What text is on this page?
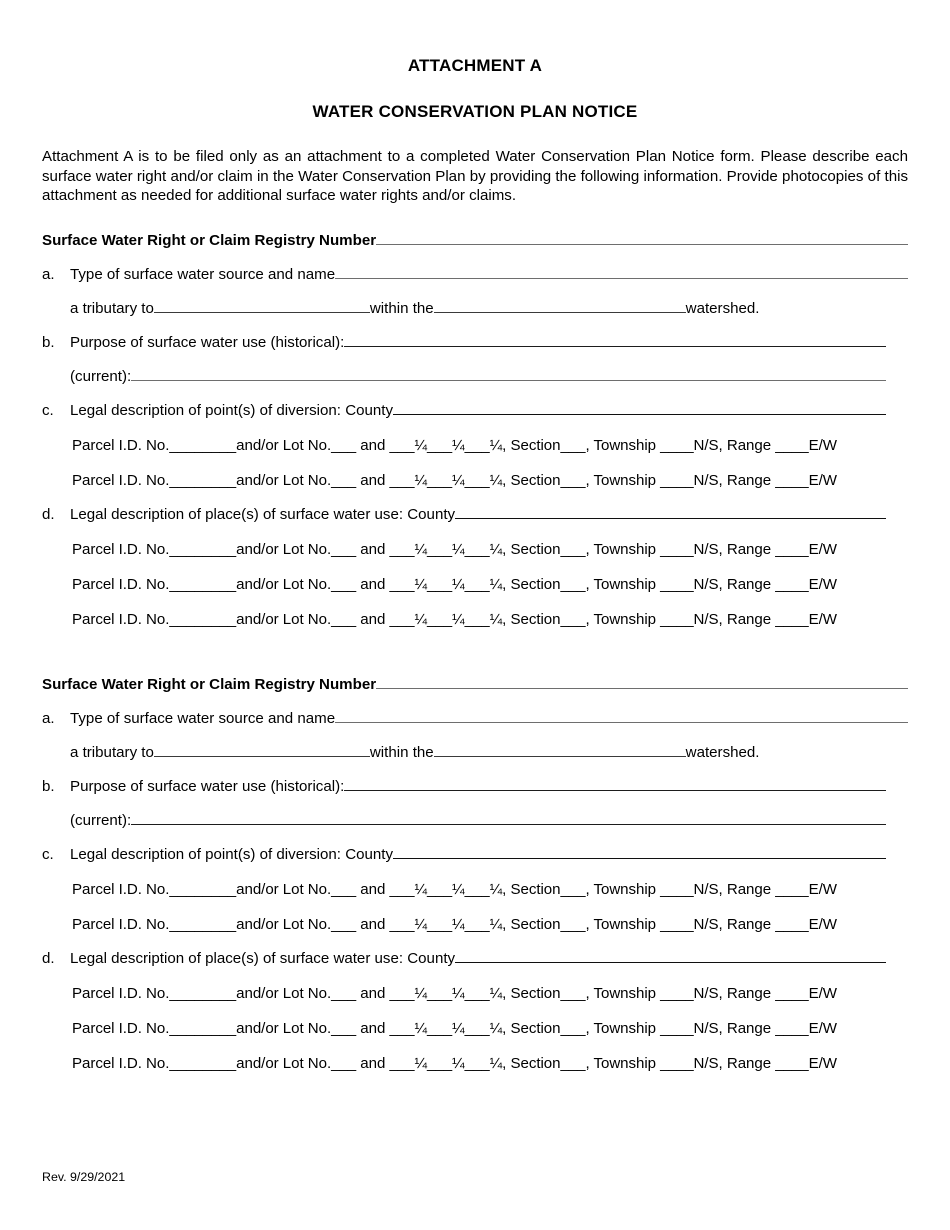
ATTACHMENT A
WATER CONSERVATION PLAN NOTICE

Attachment A is to be filed only as an attachment to a completed Water Conservation Plan Notice form. Please describe each surface water right and/or claim in the Water Conservation Plan by providing the following information. Provide photocopies of this attachment as needed for additional surface water rights and/or claims.

Surface Water Right or Claim Registry Number
a.	Type of surface water source and name
a tributary to	within the	watershed.
b.	Purpose of surface water use (historical):
(current):
c.	Legal description of point(s) of diversion: County
Parcel I.D. No.________and/or Lot No.___ and ___¼___¼___¼, Section___, Township ____N/S, Range ____E/W
Parcel I.D. No.________and/or Lot No.___ and ___¼___¼___¼, Section___, Township ____N/S, Range ____E/W
d.	Legal description of place(s) of surface water use: County
Parcel I.D. No.________and/or Lot No.___ and ___¼___¼___¼, Section___, Township ____N/S, Range ____E/W
Parcel I.D. No.________and/or Lot No.___ and ___¼___¼___¼, Section___, Township ____N/S, Range ____E/W
Parcel I.D. No.________and/or Lot No.___ and ___¼___¼___¼, Section___, Township ____N/S, Range ____E/W
Surface Water Right or Claim Registry Number
a.	Type of surface water source and name
a tributary to	within the	watershed.
b.	Purpose of surface water use (historical):
(current):
c.	Legal description of point(s) of diversion: County
Parcel I.D. No.________and/or Lot No.___ and ___¼___¼___¼, Section___, Township ____N/S, Range ____E/W
Parcel I.D. No.________and/or Lot No.___ and ___¼___¼___¼, Section___, Township ____N/S, Range ____E/W
d.	Legal description of place(s) of surface water use: County
Parcel I.D. No.________and/or Lot No.___ and ___¼___¼___¼, Section___, Township ____N/S, Range ____E/W
Parcel I.D. No.________and/or Lot No.___ and ___¼___¼___¼, Section___, Township ____N/S, Range ____E/W
Parcel I.D. No.________and/or Lot No.___ and ___¼___¼___¼, Section___, Township ____N/S, Range ____E/W
Rev. 9/29/2021
